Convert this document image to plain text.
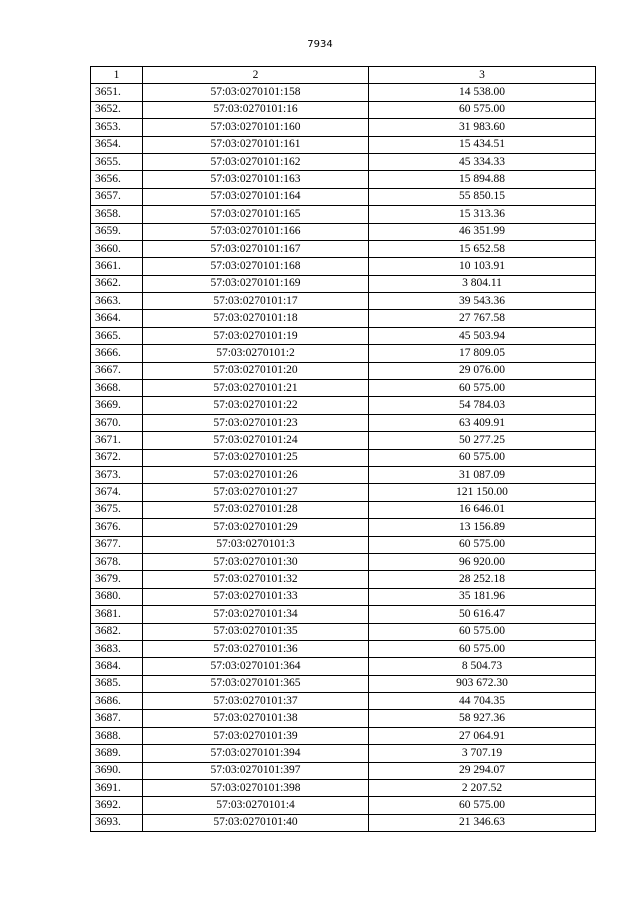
7934
1	2	3
3651.	57:03:0270101:158	14 538.00
3652.	57:03:0270101:16	60 575.00
3653.	57:03:0270101:160	31 983.60
3654.	57:03:0270101:161	15 434.51
3655.	57:03:0270101:162	45 334.33
3656.	57:03:0270101:163	15 894.88
3657.	57:03:0270101:164	55 850.15
3658.	57:03:0270101:165	15 313.36
3659.	57:03:0270101:166	46 351.99
3660.	57:03:0270101:167	15 652.58
3661.	57:03:0270101:168	10 103.91
3662.	57:03:0270101:169	3 804.11
3663.	57:03:0270101:17	39 543.36
3664.	57:03:0270101:18	27 767.58
3665.	57:03:0270101:19	45 503.94
3666.	57:03:0270101:2	17 809.05
3667.	57:03:0270101:20	29 076.00
3668.	57:03:0270101:21	60 575.00
3669.	57:03:0270101:22	54 784.03
3670.	57:03:0270101:23	63 409.91
3671.	57:03:0270101:24	50 277.25
3672.	57:03:0270101:25	60 575.00
3673.	57:03:0270101:26	31 087.09
3674.	57:03:0270101:27	121 150.00
3675.	57:03:0270101:28	16 646.01
3676.	57:03:0270101:29	13 156.89
3677.	57:03:0270101:3	60 575.00
3678.	57:03:0270101:30	96 920.00
3679.	57:03:0270101:32	28 252.18
3680.	57:03:0270101:33	35 181.96
3681.	57:03:0270101:34	50 616.47
3682.	57:03:0270101:35	60 575.00
3683.	57:03:0270101:36	60 575.00
3684.	57:03:0270101:364	8 504.73
3685.	57:03:0270101:365	903 672.30
3686.	57:03:0270101:37	44 704.35
3687.	57:03:0270101:38	58 927.36
3688.	57:03:0270101:39	27 064.91
3689.	57:03:0270101:394	3 707.19
3690.	57:03:0270101:397	29 294.07
3691.	57:03:0270101:398	2 207.52
3692.	57:03:0270101:4	60 575.00
3693.	57:03:0270101:40	21 346.63
